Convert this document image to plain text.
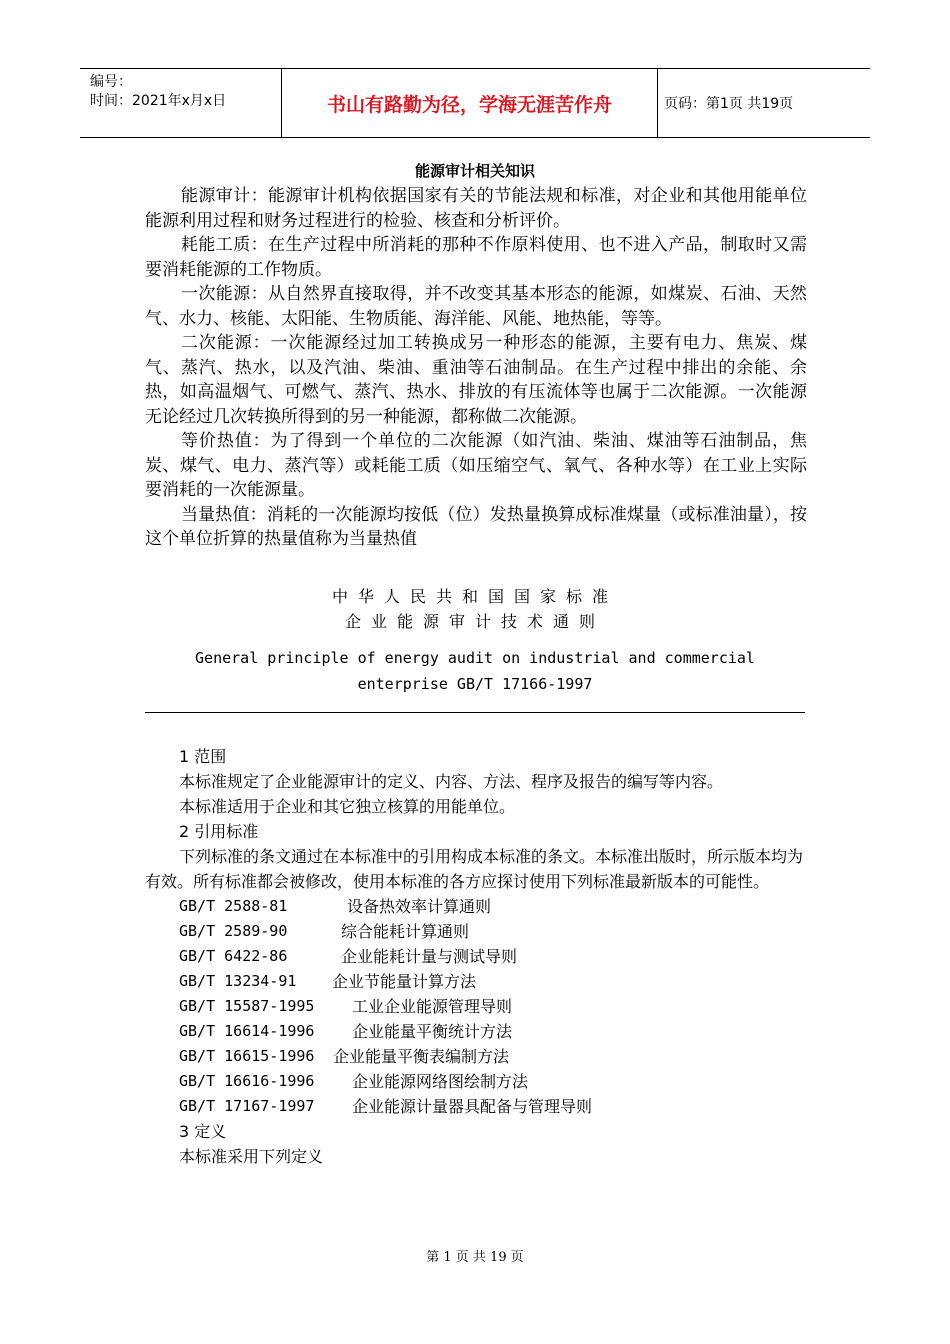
编号：
时间：2021年x月x日	书山有路勤为径，学海无涯苦作舟	页码：第1页 共19页
能源审计相关知识

能源审计：能源审计机构依据国家有关的节能法规和标准，对企业和其他用能单位能源利用过程和财务过程进行的检验、核查和分析评价。

耗能工质：在生产过程中所消耗的那种不作原料使用、也不进入产品，制取时又需要消耗能源的工作物质。

一次能源：从自然界直接取得，并不改变其基本形态的能源，如煤炭、石油、天然气、水力、核能、太阳能、生物质能、海洋能、风能、地热能，等等。

二次能源：一次能源经过加工转换成另一种形态的能源，主要有电力、焦炭、煤气、蒸汽、热水，以及汽油、柴油、重油等石油制品。在生产过程中排出的余能、余热，如高温烟气、可燃气、蒸汽、热水、排放的有压流体等也属于二次能源。一次能源无论经过几次转换所得到的另一种能源，都称做二次能源。

等价热值：为了得到一个单位的二次能源（如汽油、柴油、煤油等石油制品，焦炭、煤气、电力、蒸汽等）或耗能工质（如压缩空气、氧气、各种水等）在工业上实际要消耗的一次能源量。

当量热值：消耗的一次能源均按低（位）发热量换算成标准煤量（或标准油量），按这个单位折算的热量值称为当量热值

中华人民共和国国家标准
企业能源审计技术通则
General principle of energy audit on industrial and commercial
enterprise GB/T 17166-1997

1 范围

本标准规定了企业能源审计的定义、内容、方法、程序及报告的编写等内容。

本标准适用于企业和其它独立核算的用能单位。

2 引用标准

下列标准的条文通过在本标准中的引用构成本标准的条文。本标准出版时，所示版本均为有效。所有标准都会被修改，使用本标准的各方应探讨使用下列标准最新版本的可能性。

GB/T 2588-81	设备热效率计算通则
GB/T 2589-90	综合能耗计算通则
GB/T 6422-86	企业能耗计量与测试导则
GB/T 13234-91	企业节能量计算方法
GB/T 15587-1995	工业企业能源管理导则
GB/T 16614-1996	企业能量平衡统计方法
GB/T 16615-1996	企业能量平衡表编制方法
GB/T 16616-1996	企业能源网络图绘制方法
GB/T 17167-1997	企业能源计量器具配备与管理导则

3 定义

本标准采用下列定义

第 1 页 共 19 页
